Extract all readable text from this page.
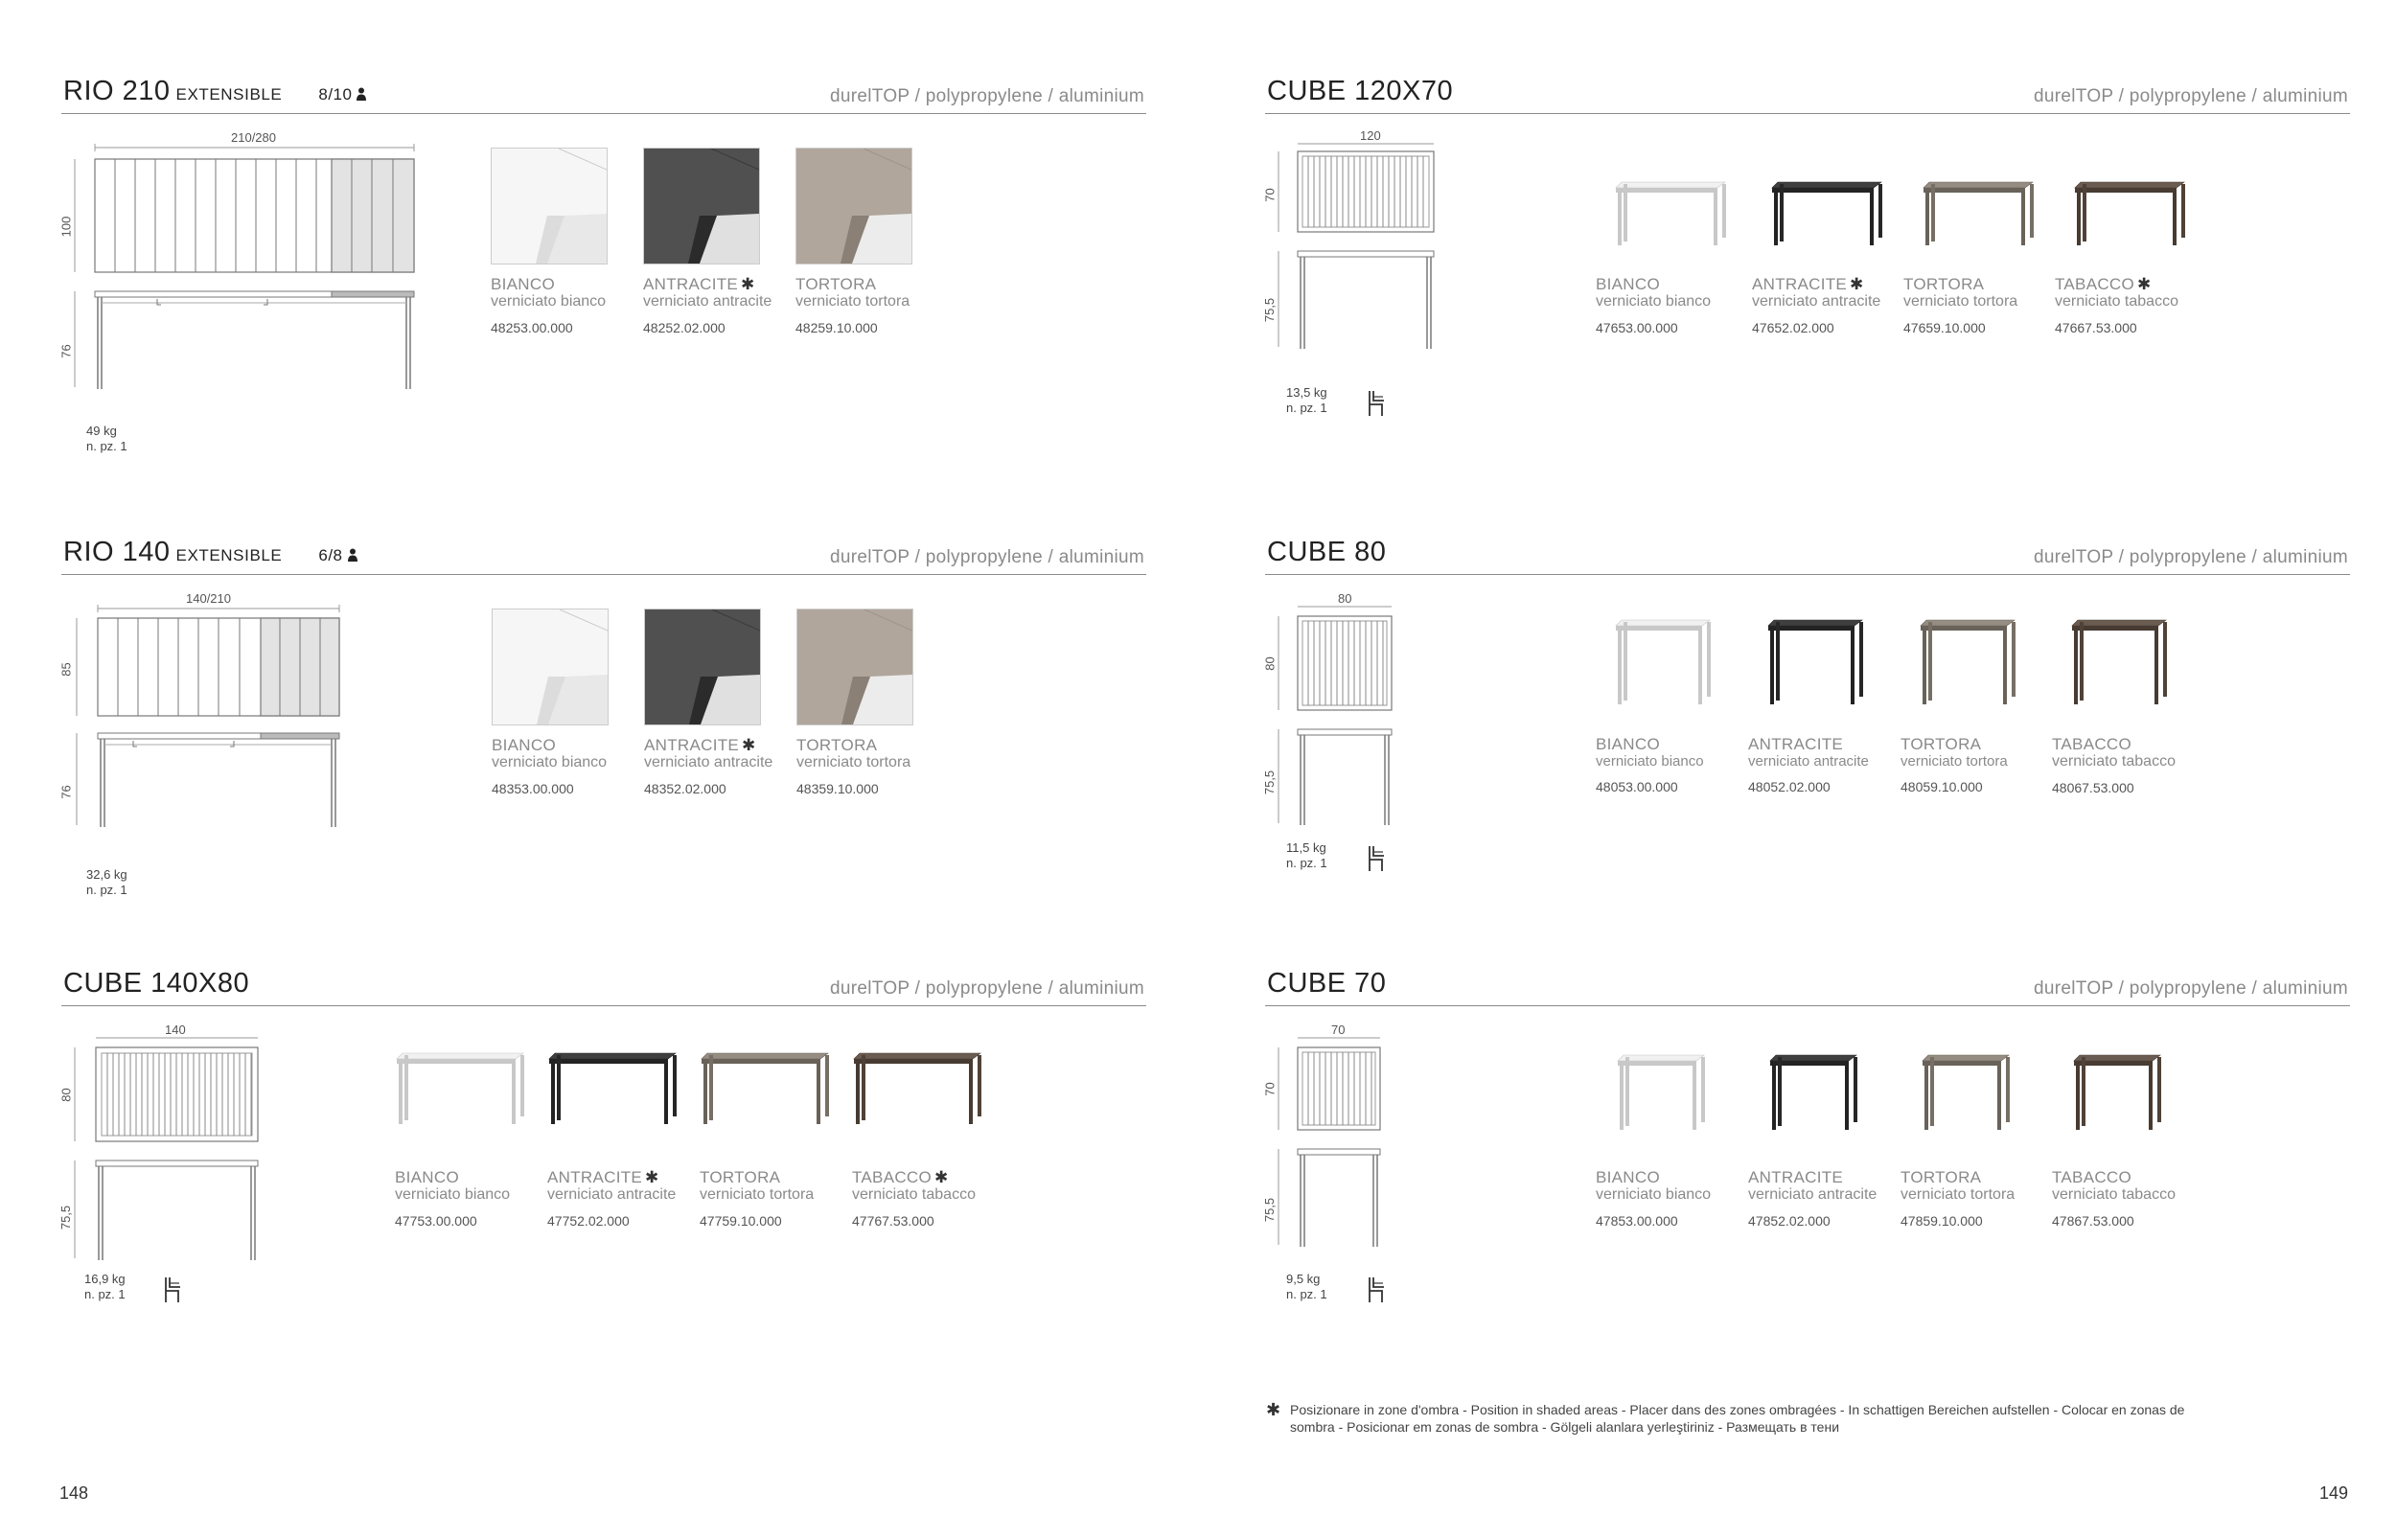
RIO 210 EXTENSIBLE 8/10	durelTOP / polypropylene / aluminium
210/280
100
76
49 kg
n. pz. 1
BIANCO
verniciato bianco
48253.00.000
ANTRACITE ✱
verniciato antracite
48252.02.000
TORTORA
verniciato tortora
48259.10.000
RIO 140 EXTENSIBLE 6/8	durelTOP / polypropylene / aluminium
140/210
85
76
32,6 kg
n. pz. 1
BIANCO
verniciato bianco
48353.00.000
ANTRACITE ✱
verniciato antracite
48352.02.000
TORTORA
verniciato tortora
48359.10.000
CUBE 140X80	durelTOP / polypropylene / aluminium
140
80
75,5
16,9 kg
n. pz. 1
BIANCO
verniciato bianco
47753.00.000
ANTRACITE ✱
verniciato antracite
47752.02.000
TORTORA
verniciato tortora
47759.10.000
TABACCO ✱
verniciato tabacco
47767.53.000
CUBE 120X70	durelTOP / polypropylene / aluminium
120
70
75,5
13,5 kg
n. pz. 1
BIANCO
verniciato bianco
47653.00.000
ANTRACITE ✱
verniciato antracite
47652.02.000
TORTORA
verniciato tortora
47659.10.000
TABACCO ✱
verniciato tabacco
47667.53.000
CUBE 80	durelTOP / polypropylene / aluminium
80
80
75,5
11,5 kg
n. pz. 1
BIANCO
verniciato bianco
48053.00.000
ANTRACITE
verniciato antracite
48052.02.000
TORTORA
verniciato tortora
48059.10.000
TABACCO
verniciato tabacco
48067.53.000
CUBE 70	durelTOP / polypropylene / aluminium
70
70
75,5
9,5 kg
n. pz. 1
BIANCO
verniciato bianco
47853.00.000
ANTRACITE
verniciato antracite
47852.02.000
TORTORA
verniciato tortora
47859.10.000
TABACCO
verniciato tabacco
47867.53.000
✱ Posizionare in zone d'ombra - Position in shaded areas - Placer dans des zones ombragées - In schattigen Bereichen aufstellen - Colocar en zonas de
sombra - Posicionar em zonas de sombra - Gölgeli alanlara yerleştiriniz - Размещать в тени
148	149
